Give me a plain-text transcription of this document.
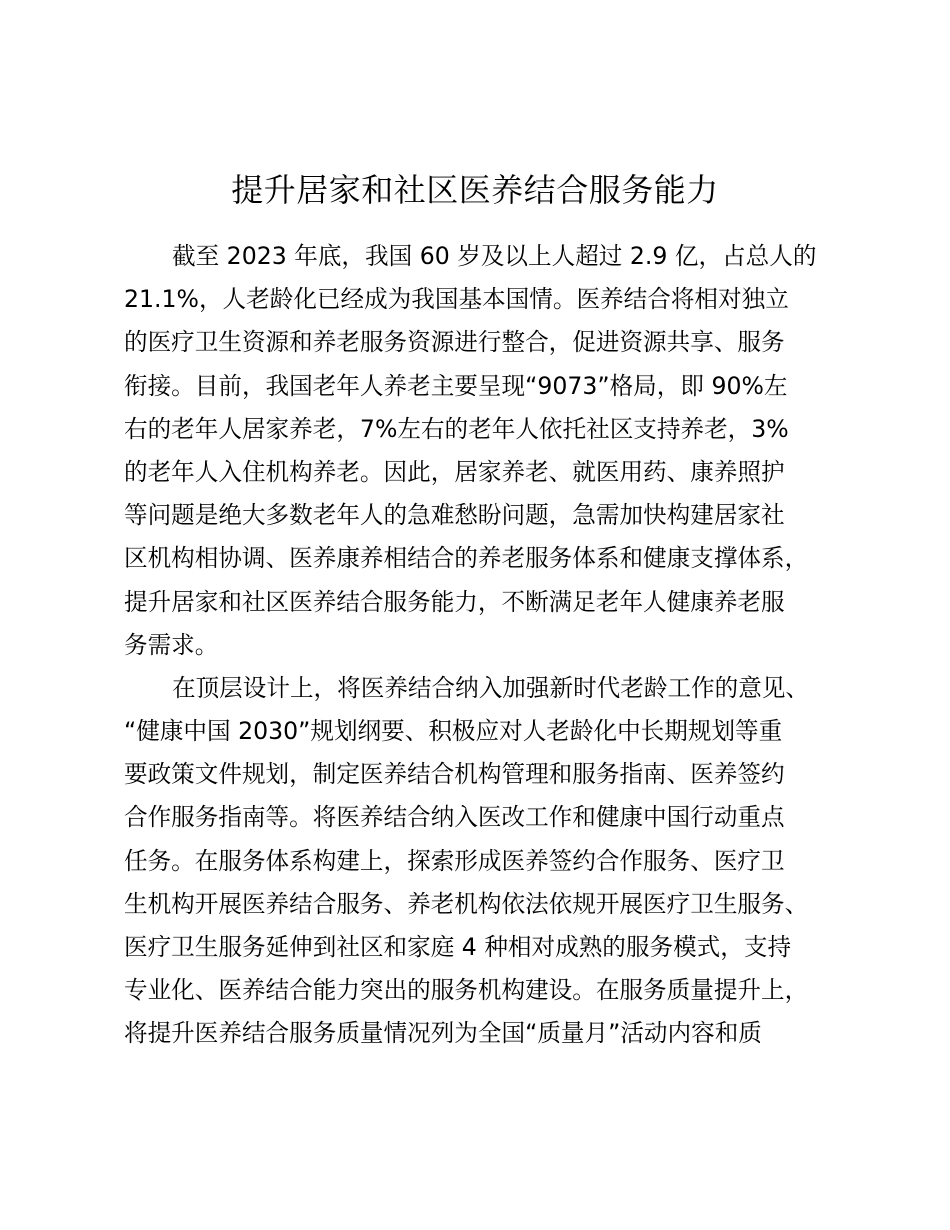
提升居家和社区医养结合服务能力
截至 2023 年底，我国 60 岁及以上人超过 2.9 亿，占总人的
21.1%，人老龄化已经成为我国基本国情。医养结合将相对独立
的医疗卫生资源和养老服务资源进行整合，促进资源共享、服务
衔接。目前，我国老年人养老主要呈现“9073”格局，即 90%左
右的老年人居家养老，7%左右的老年人依托社区支持养老，3%
的老年人入住机构养老。因此，居家养老、就医用药、康养照护
等问题是绝大多数老年人的急难愁盼问题，急需加快构建居家社
区机构相协调、医养康养相结合的养老服务体系和健康支撑体系，
提升居家和社区医养结合服务能力，不断满足老年人健康养老服
务需求。
在顶层设计上，将医养结合纳入加强新时代老龄工作的意见、
“健康中国 2030”规划纲要、积极应对人老龄化中长期规划等重
要政策文件规划，制定医养结合机构管理和服务指南、医养签约
合作服务指南等。将医养结合纳入医改工作和健康中国行动重点
任务。在服务体系构建上，探索形成医养签约合作服务、医疗卫
生机构开展医养结合服务、养老机构依法依规开展医疗卫生服务、
医疗卫生服务延伸到社区和家庭 4 种相对成熟的服务模式，支持
专业化、医养结合能力突出的服务机构建设。在服务质量提升上，
将提升医养结合服务质量情况列为全国“质量月”活动内容和质
